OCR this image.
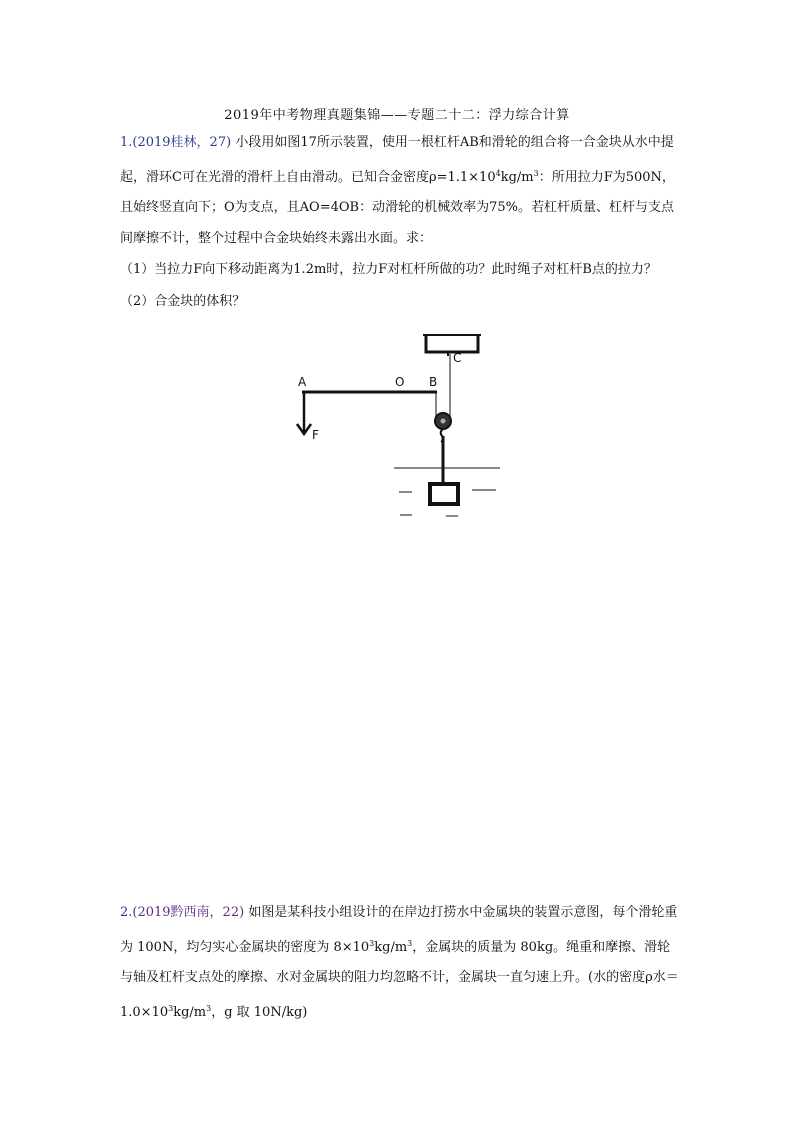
2019年中考物理真题集锦——专题二十二：浮力综合计算
1.(2019桂林，27) 小段用如图17所示装置，使用一根杠杆AB和滑轮的组合将一合金块从水中提起，滑环C可在光滑的滑杆上自由滑动。已知合金密度$\rho=1.1\times 10^4kg/m^3$：所用拉力F为500N，且始终竖直向下；O为支点，且AO=4OB：动滑轮的机械效率为75%。若杠杆质量、杠杆与支点间摩擦不计，整个过程中合金块始终未露出水面。求：
（1）当拉力F向下移动距离为1.2m时，拉力F对杠杆所做的功？此时绳子对杠杆B点的拉力？
（2）合金块的体积？
C
A	O B
F
2.(2019黔西南，22) 如图是某科技小组设计的在岸边打捞水中金属块的装置示意图，每个滑轮重为 100N，均匀实心金属块的密度为 $8\times 10^3kg/m^3$，金属块的质量为 80kg。绳重和摩擦、滑轮与轴及杠杆支点处的摩擦、水对金属块的阻力均忽略不计，金属块一直匀速上升。(水的密度ρ水$=1.0\times 10^3kg/m^3$，g 取 10N/kg)
